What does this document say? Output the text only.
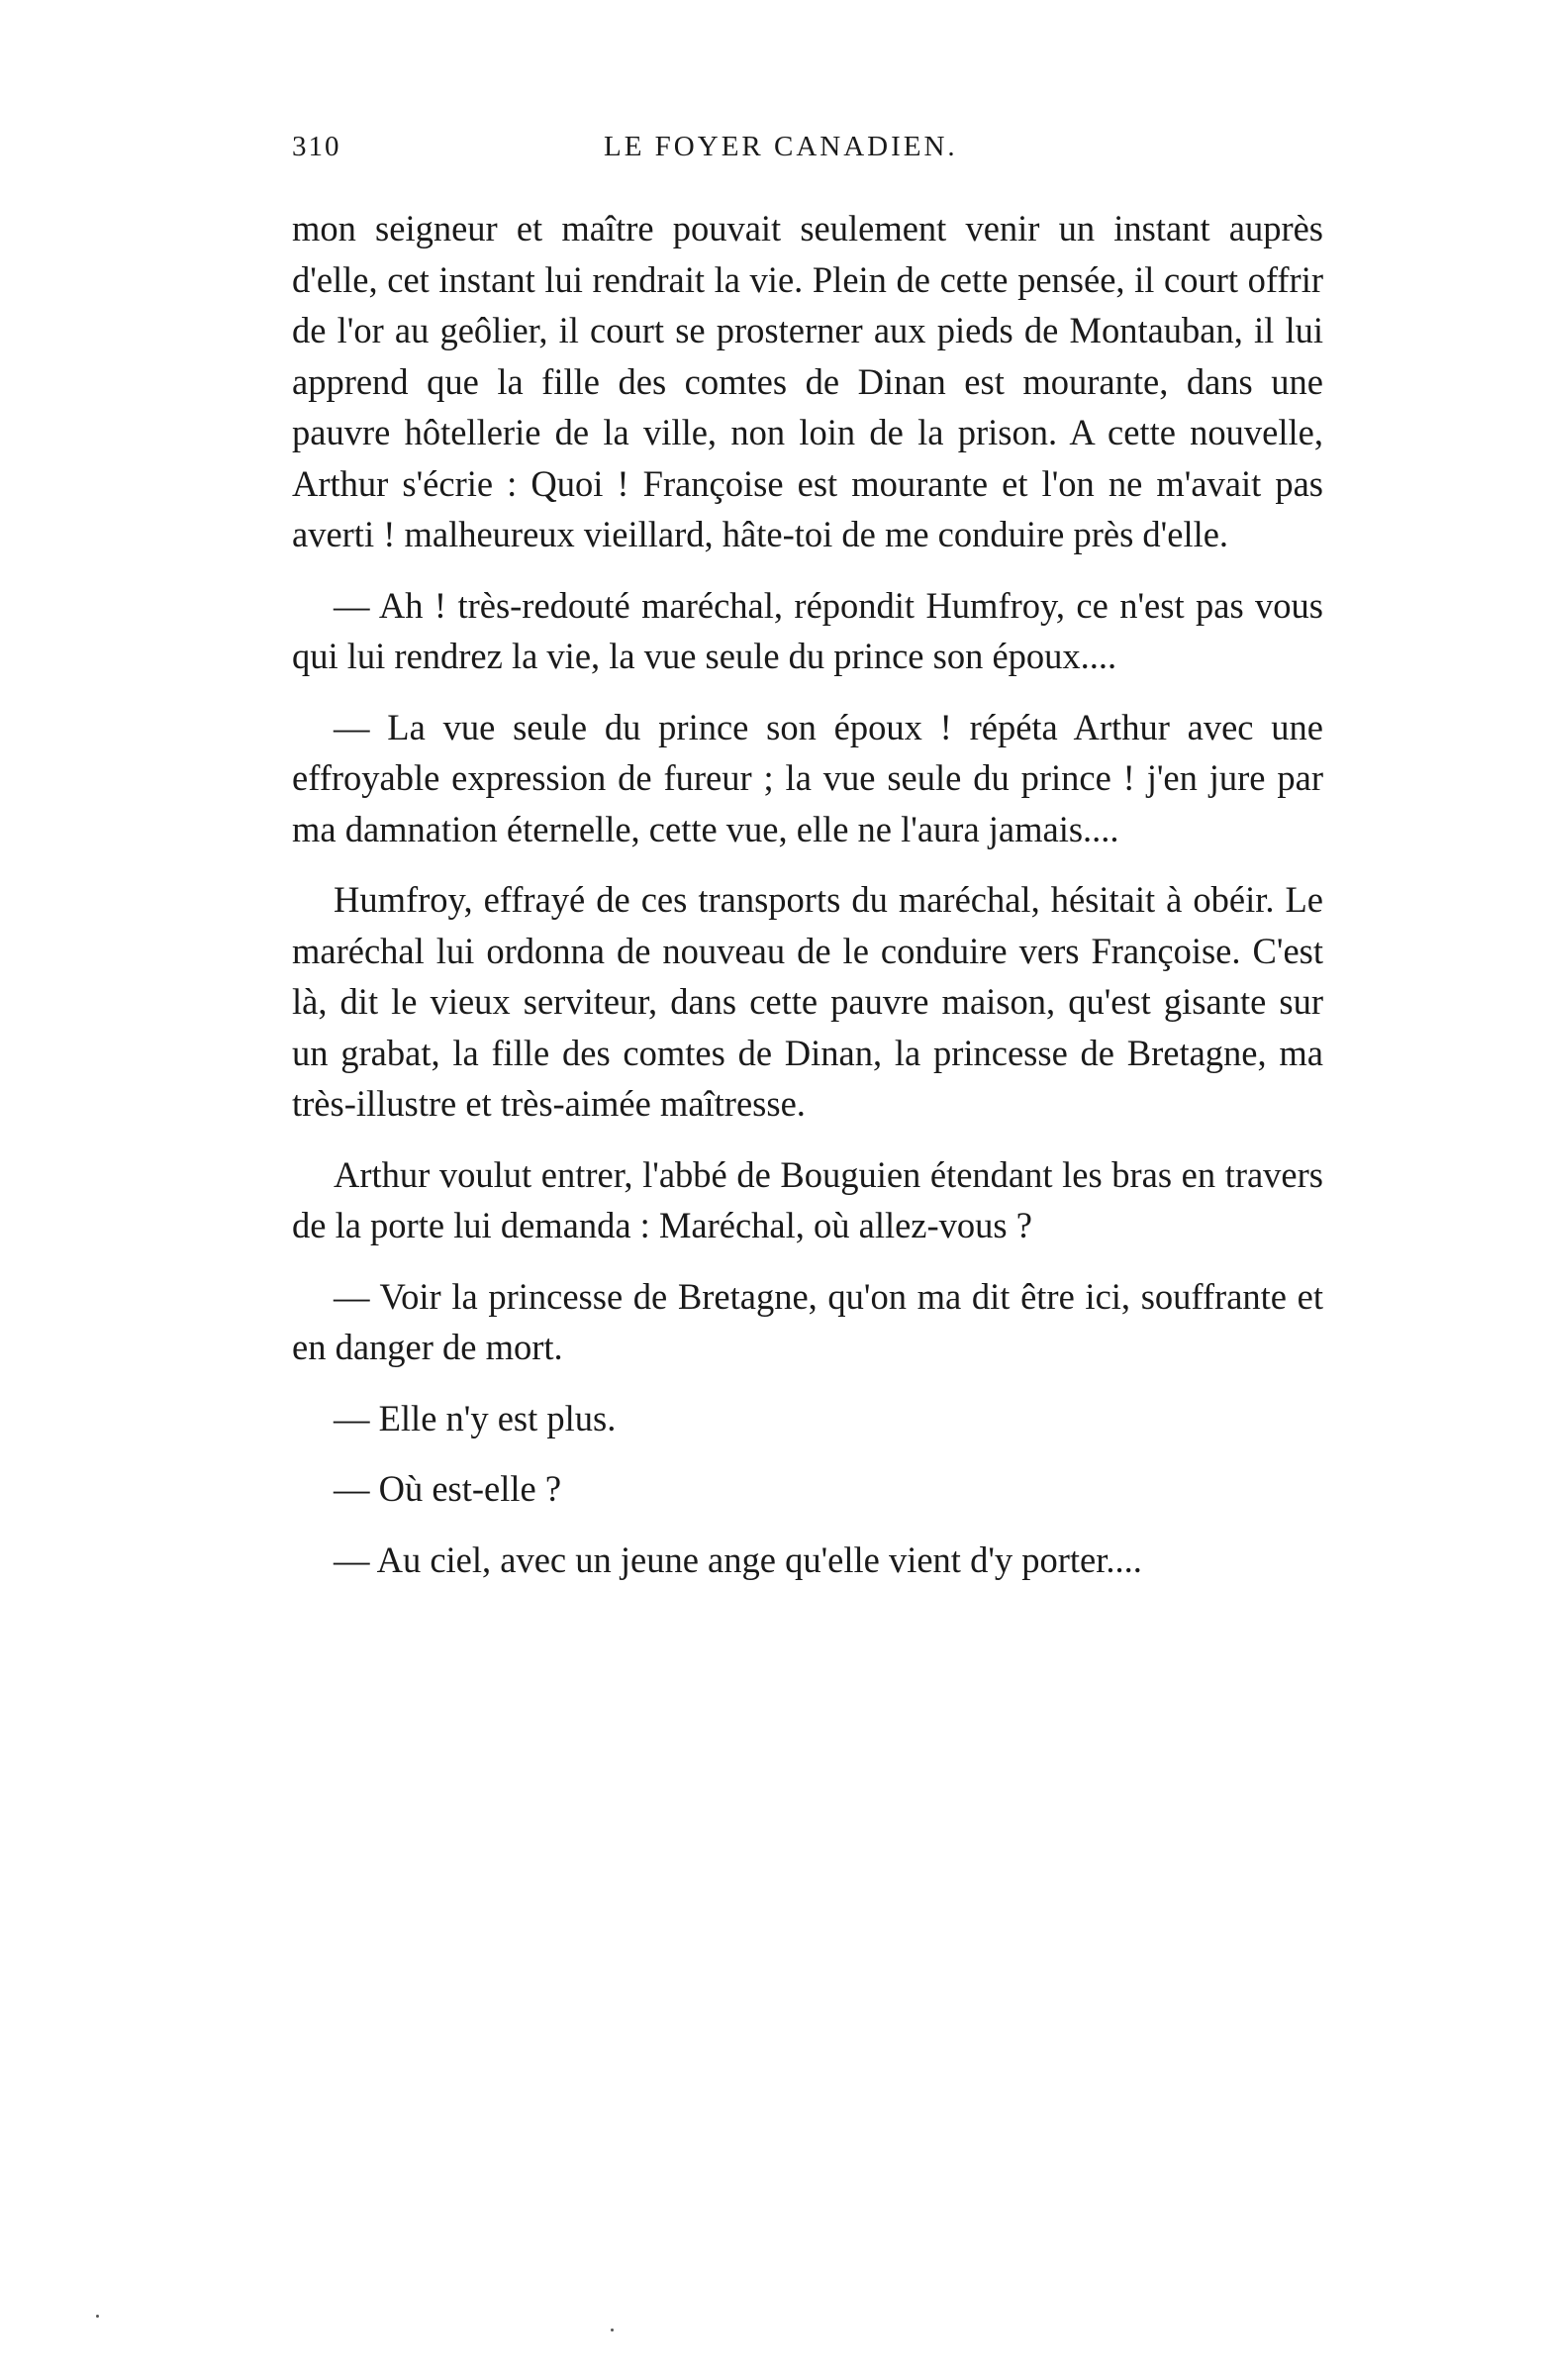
310	LE FOYER CANADIEN.

mon seigneur et maître pouvait seulement venir un instant auprès d'elle, cet instant lui rendrait la vie. Plein de cette pensée, il court offrir de l'or au geôlier, il court se prosterner aux pieds de Montauban, il lui apprend que la fille des comtes de Dinan est mourante, dans une pauvre hôtellerie de la ville, non loin de la prison. A cette nouvelle, Arthur s'écrie : Quoi ! Françoise est mourante et l'on ne m'avait pas averti ! malheureux vieillard, hâte-toi de me conduire près d'elle.

— Ah ! très-redouté maréchal, répondit Humfroy, ce n'est pas vous qui lui rendrez la vie, la vue seule du prince son époux....

— La vue seule du prince son époux ! répéta Arthur avec une effroyable expression de fureur ; la vue seule du prince ! j'en jure par ma damnation éternelle, cette vue, elle ne l'aura jamais....

Humfroy, effrayé de ces transports du maréchal, hésitait à obéir. Le maréchal lui ordonna de nouveau de le conduire vers Françoise. C'est là, dit le vieux serviteur, dans cette pauvre maison, qu'est gisante sur un grabat, la fille des comtes de Dinan, la princesse de Bretagne, ma très-illustre et très-aimée maîtresse.

Arthur voulut entrer, l'abbé de Bouguien étendant les bras en travers de la porte lui demanda : Maréchal, où allez-vous ?

— Voir la princesse de Bretagne, qu'on ma dit être ici, souffrante et en danger de mort.

— Elle n'y est plus.

— Où est-elle ?

— Au ciel, avec un jeune ange qu'elle vient d'y porter....
